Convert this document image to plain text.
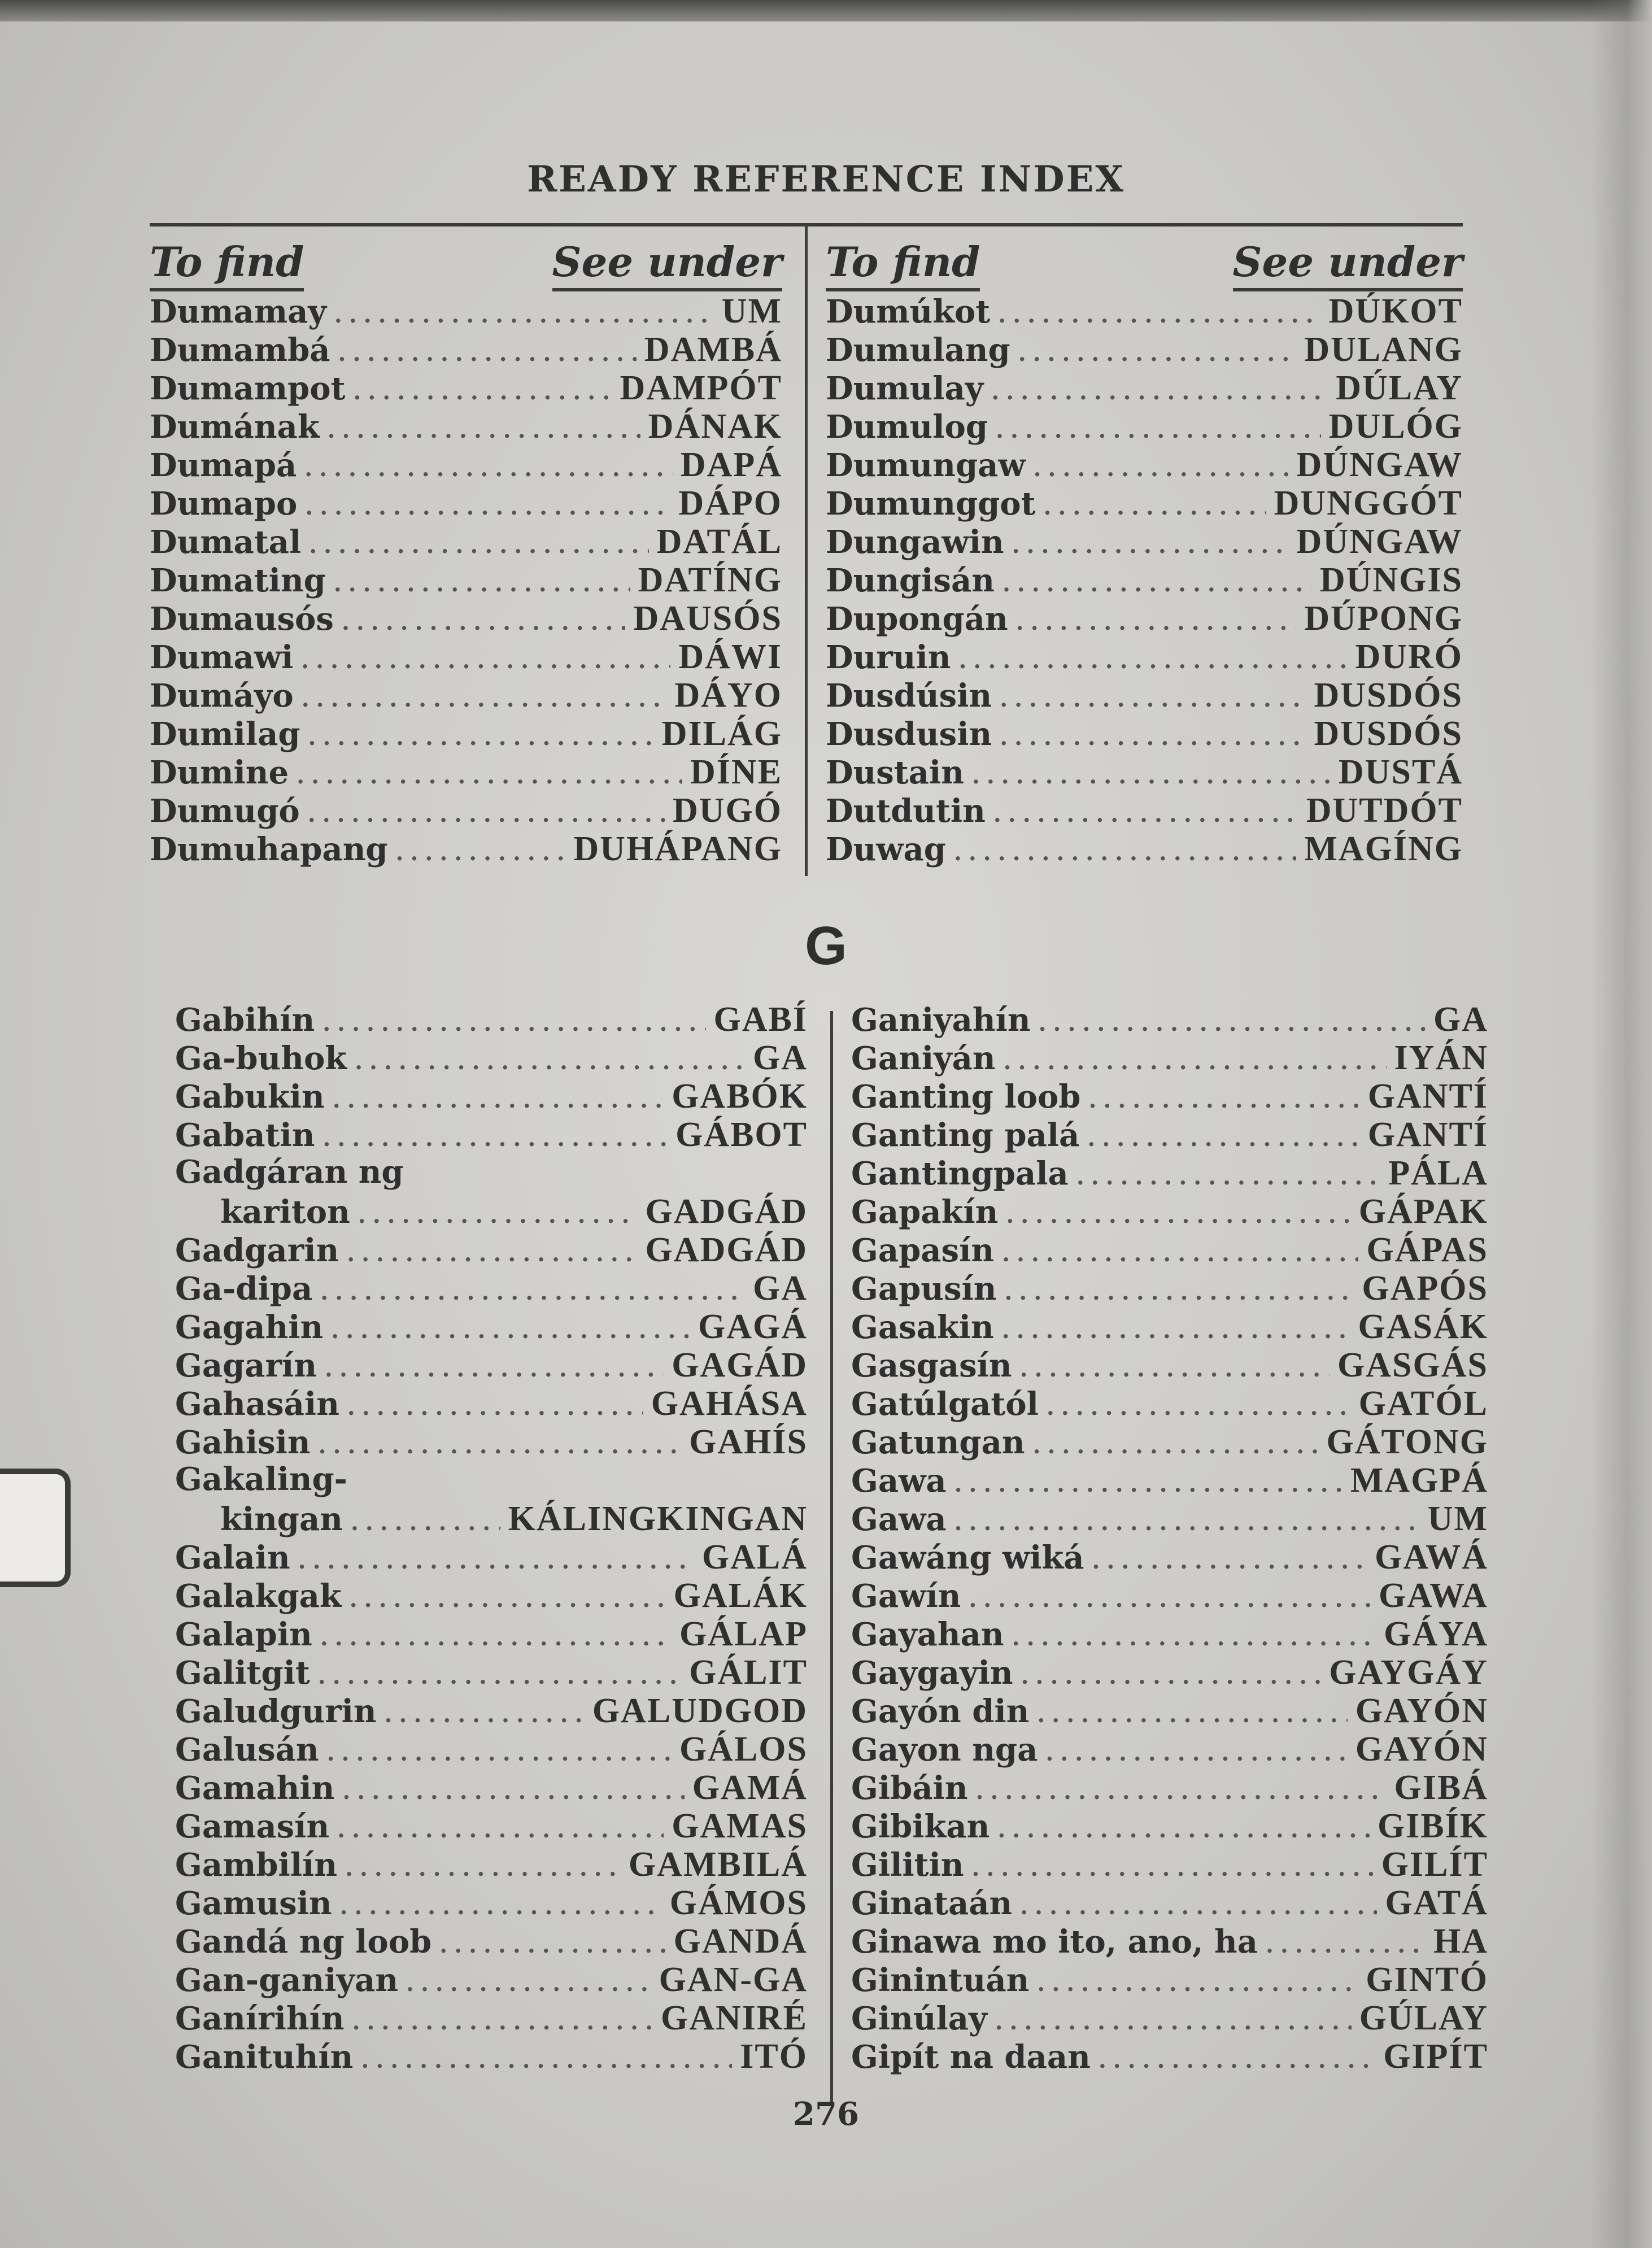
READY REFERENCE INDEX
To find	See under
Dumamay .....	UM
Dumambá .....	DAMBÁ
Dumampot .....	DAMPÓT
Dumának .....	DÁNAK
Dumapá .....	DAPÁ
Dumapo .....	DÁPO
Dumatal .....	DATÁL
Dumating .....	DATÍNG
Dumausós .....	DAUSÓS
Dumawi .....	DÁWI
Dumáyo .....	DÁYO
Dumilag .....	DILÁG
Dumine .....	DÍNE
Dumugó .....	DUGÓ
Dumuhapang .....	DUHÁPANG
To find	See under
Dumúkot .....	DÚKOT
Dumulang .....	DULANG
Dumulay .....	DÚLAY
Dumulog .....	DULÓG
Dumungaw .....	DÚNGAW
Dumunggot .....	DUNGGÓT
Dungawin .....	DÚNGAW
Dungisán .....	DÚNGIS
Dupongán .....	DÚPONG
Duruin .....	DURÓ
Dusdúsin .....	DUSDÓS
Dusdusin .....	DUSDÓS
Dustain .....	DUSTÁ
Dutdutin .....	DUTDÓT
Duwag .....	MAGÍNG
G
Gabihín .....	GABÍ
Ga-buhok .....	GA
Gabukin .....	GABÓK
Gabatin .....	GÁBOT
Gadgáran ng
kariton .....	GADGÁD
Gadgarin .....	GADGÁD
Ga-dipa .....	GA
Gagahin .....	GAGÁ
Gagarín .....	GAGÁD
Gahasáin .....	GAHÁSA
Gahisin .....	GAHÍS
Gakaling-
kingan .....	KÁLINGKINGAN
Galain .....	GALÁ
Galakgak .....	GALÁK
Galapin .....	GÁLAP
Galitgit .....	GÁLIT
Galudgurin .....	GALUDGOD
Galusán .....	GÁLOS
Gamahin .....	GAMÁ
Gamasín .....	GAMAS
Gambilín .....	GAMBILÁ
Gamusin .....	GÁMOS
Gandá ng loob .....	GANDÁ
Gan-ganiyan .....	GAN-GA
Ganírihín .....	GANIRÉ
Ganituhín .....	ITÓ
Ganiyahín .....	GA
Ganiyán .....	IYÁN
Ganting loob .....	GANTÍ
Ganting palá .....	GANTÍ
Gantingpala .....	PÁLA
Gapakín .....	GÁPAK
Gapasín .....	GÁPAS
Gapusín .....	GAPÓS
Gasakin .....	GASÁK
Gasgasín .....	GASGÁS
Gatúlgatól .....	GATÓL
Gatungan .....	GÁTONG
Gawa .....	MAGPÁ
Gawa .....	UM
Gawáng wiká .....	GAWÁ
Gawín .....	GAWA
Gayahan .....	GÁYA
Gaygayin .....	GAYGÁY
Gayón din .....	GAYÓN
Gayon nga .....	GAYÓN
Gibáin .....	GIBÁ
Gibikan .....	GIBÍK
Gilitin .....	GILÍT
Ginataán .....	GATÁ
Ginawa mo ito, ano, ha .....	HA
Ginintuán .....	GINTÓ
Ginúlay .....	GÚLAY
Gipít na daan .....	GIPÍT
276
